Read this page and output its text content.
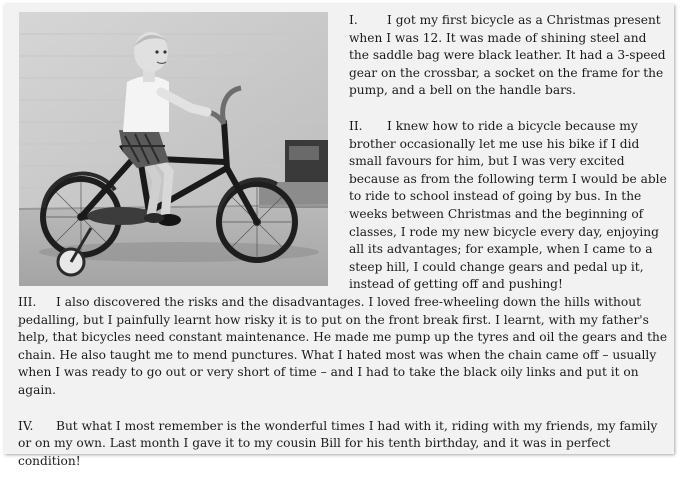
I. I got my first bicycle as a Christmas present when I was 12. It was made of shining steel and the saddle bag were black leather. It had a 3-speed gear on the crossbar, a socket on the frame for the pump, and a bell on the handle bars.

II. I knew how to ride a bicycle because my brother occasionally let me use his bike if I did small favours for him, but I was very excited because as from the following term I would be able to ride to school instead of going by bus. In the weeks between Christmas and the beginning of classes, I rode my new bicycle every day, enjoying all its advantages; for example, when I came to a steep hill, I could change gears and pedal up it, instead of getting off and pushing!

III. I also discovered the risks and the disadvantages. I loved free-wheeling down the hills without pedalling, but I painfully learnt how risky it is to put on the front break first. I learnt, with my father's help, that bicycles need constant maintenance. He made me pump up the tyres and oil the gears and the chain. He also taught me to mend punctures. What I hated most was when the chain came off – usually when I was ready to go out or very short of time – and I had to take the black oily links and put it on again.

IV. But what I most remember is the wonderful times I had with it, riding with my friends, my family or on my own. Last month I gave it to my cousin Bill for his tenth birthday, and it was in perfect condition!
